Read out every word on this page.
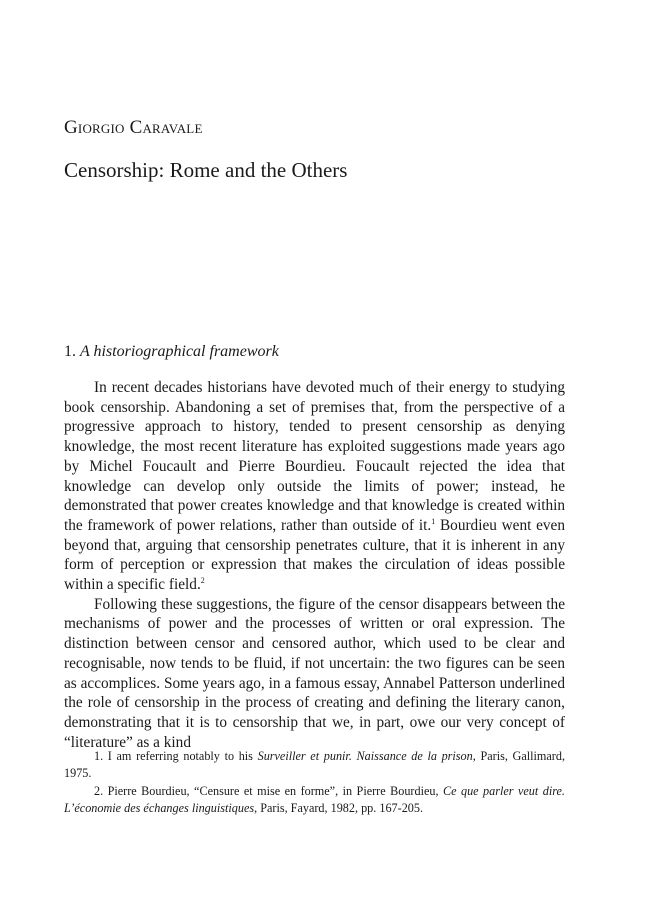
Giorgio Caravale
Censorship: Rome and the Others
1. A historiographical framework

In recent decades historians have devoted much of their energy to studying book censorship. Abandoning a set of premises that, from the perspective of a progressive approach to history, tended to present censorship as denying knowledge, the most recent literature has exploited suggestions made years ago by Michel Foucault and Pierre Bourdieu. Foucault rejected the idea that knowledge can develop only outside the limits of power; instead, he demonstrated that power creates knowledge and that knowledge is created within the framework of power relations, rather than outside of it.$^1$ Bourdieu went even beyond that, arguing that censorship penetrates culture, that it is inherent in any form of perception or expression that makes the circulation of ideas possible within a specific field.$^2$

Following these suggestions, the figure of the censor disappears between the mechanisms of power and the processes of written or oral expression. The distinction between censor and censored author, which used to be clear and recognisable, now tends to be fluid, if not uncertain: the two figures can be seen as accomplices. Some years ago, in a famous essay, Annabel Patterson underlined the role of censorship in the process of creating and defining the literary canon, demonstrating that it is to censorship that we, in part, owe our very concept of “literature” as a kind

1. I am referring notably to his Surveiller et punir. Naissance de la prison, Paris, Gallimard, 1975.

2. Pierre Bourdieu, “Censure et mise en forme”, in Pierre Bourdieu, Ce que parler veut dire. L’économie des échanges linguistiques, Paris, Fayard, 1982, pp. 167-205.
